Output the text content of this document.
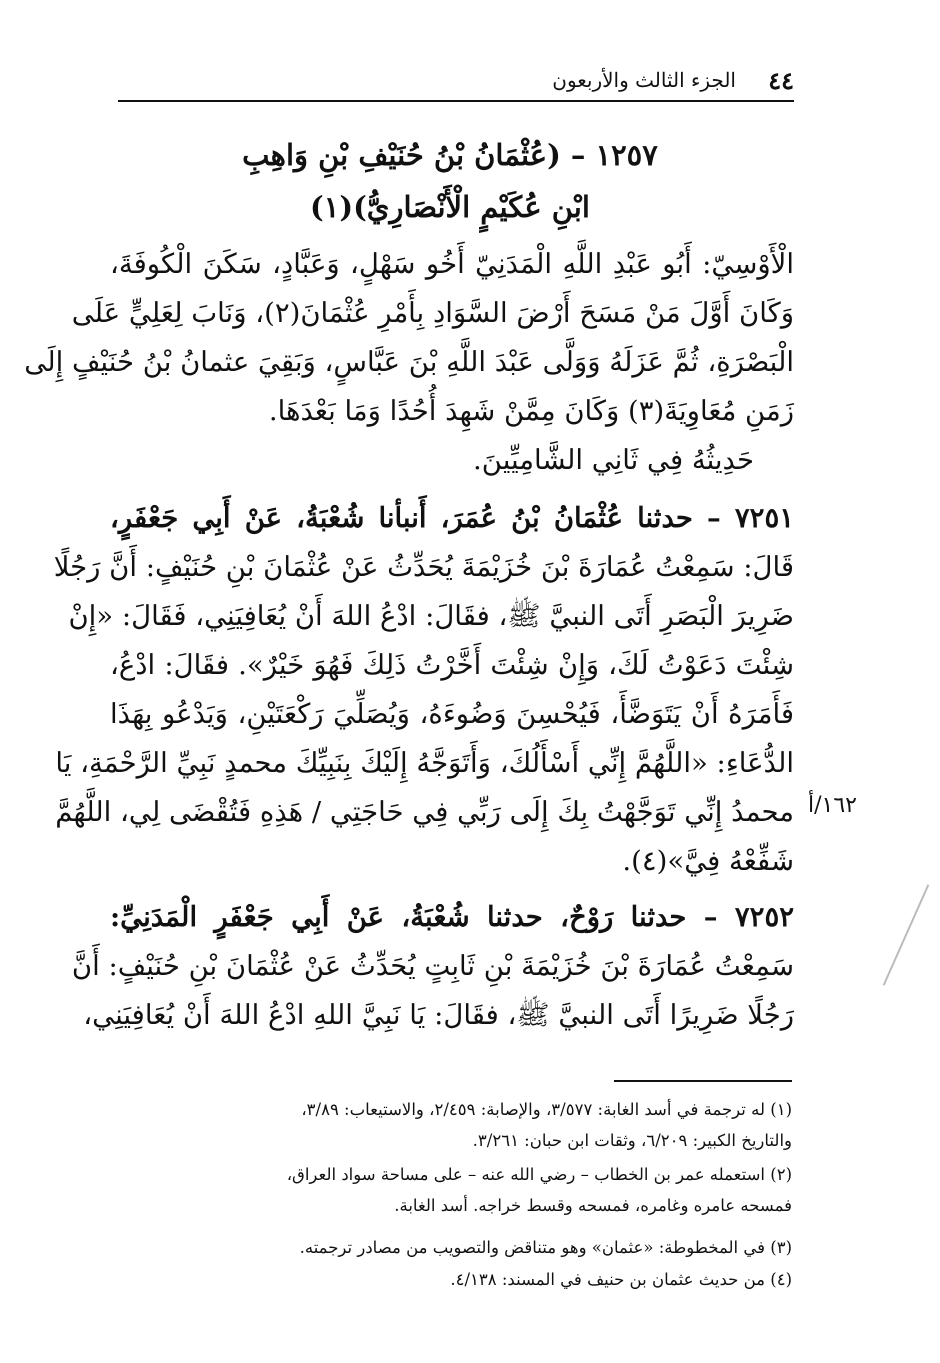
٤٤
الجزء الثالث والأربعون
١٢٥٧ – (عُثْمَانُ بْنُ حُنَيْفِ بْنِ وَاهِبِ
ابْنِ عُكَيْمٍ الْأَنْصَارِيُّ)(١)
الْأَوْسِيّ: أَبُو عَبْدِ اللَّهِ الْمَدَنِيّ أَخُو سَهْلٍ، وَعَبَّادٍ، سَكَنَ الْكُوفَةَ،
وَكَانَ أَوَّلَ مَنْ مَسَحَ أَرْضَ السَّوَادِ بِأَمْرِ عُثْمَانَ(٢)، وَنَابَ لِعَلِيٍّ عَلَى
الْبَصْرَةِ، ثُمَّ عَزَلَهُ وَوَلَّى عَبْدَ اللَّهِ بْنَ عَبَّاسٍ، وَبَقِيَ عثمانُ بْنُ حُنَيْفٍ إِلَى
زَمَنِ مُعَاوِيَةَ(٣) وَكَانَ مِمَّنْ شَهِدَ أُحُدًا وَمَا بَعْدَهَا.
حَدِيثُهُ فِي ثَانِي الشَّامِيِّينَ.
٧٢٥١ – حدثنا عُثْمَانُ بْنُ عُمَرَ، أَنبأنا شُعْبَةُ، عَنْ أَبِي جَعْفَرٍ،
قَالَ: سَمِعْتُ عُمَارَةَ بْنَ خُزَيْمَةَ يُحَدِّثُ عَنْ عُثْمَانَ بْنِ حُنَيْفٍ: أَنَّ رَجُلًا
ضَرِيرَ الْبَصَرِ أَتَى النبيَّ ﷺ، فقَالَ: ادْعُ اللهَ أَنْ يُعَافِيَنِي، فَقَالَ: «إِنْ
شِئْتَ دَعَوْتُ لَكَ، وَإِنْ شِئْتَ أَخَّرْتُ ذَلِكَ فَهُوَ خَيْرٌ». فقَالَ: ادْعُ،
فَأَمَرَهُ أَنْ يَتَوَضَّأَ، فَيُحْسِنَ وَضُوءَهُ، وَيُصَلِّيَ رَكْعَتَيْنِ، وَيَدْعُو بِهَذَا
الدُّعَاءِ: «اللَّهُمَّ إِنِّي أَسْأَلُكَ، وَأَتَوَجَّهُ إِلَيْكَ بِنَبِيِّكَ محمدٍ نَبِيِّ الرَّحْمَةِ، يَا
محمدُ إِنِّي تَوَجَّهْتُ بِكَ إِلَى رَبِّي فِي حَاجَتِي / هَذِهِ فَتُقْضَى لِي، اللَّهُمَّ
شَفِّعْهُ فِيَّ»(٤).
٧٢٥٢ – حدثنا رَوْحٌ، حدثنا شُعْبَةُ، عَنْ أَبِي جَعْفَرٍ الْمَدَنِيِّ:
سَمِعْتُ عُمَارَةَ بْنَ خُزَيْمَةَ بْنِ ثَابِتٍ يُحَدِّثُ عَنْ عُثْمَانَ بْنِ حُنَيْفٍ: أَنَّ
رَجُلًا ضَرِيرًا أَتَى النبيَّ ﷺ، فقَالَ: يَا نَبِيَّ اللهِ ادْعُ اللهَ أَنْ يُعَافِيَنِي،
١٦٢/أ
(١) له ترجمة في أسد الغابة: ٣/٥٧٧، والإصابة: ٢/٤٥٩، والاستيعاب: ٣/٨٩،
والتاريخ الكبير: ٦/٢٠٩، وثقات ابن حبان: ٣/٢٦١.
(٢) استعمله عمر بن الخطاب – رضي الله عنه – على مساحة سواد العراق،
فمسحه عامره وغامره، فمسحه وقسط خراجه. أسد الغابة.
(٣) في المخطوطة: «عثمان» وهو متناقض والتصويب من مصادر ترجمته.
(٤) من حديث عثمان بن حنيف في المسند: ٤/١٣٨.
